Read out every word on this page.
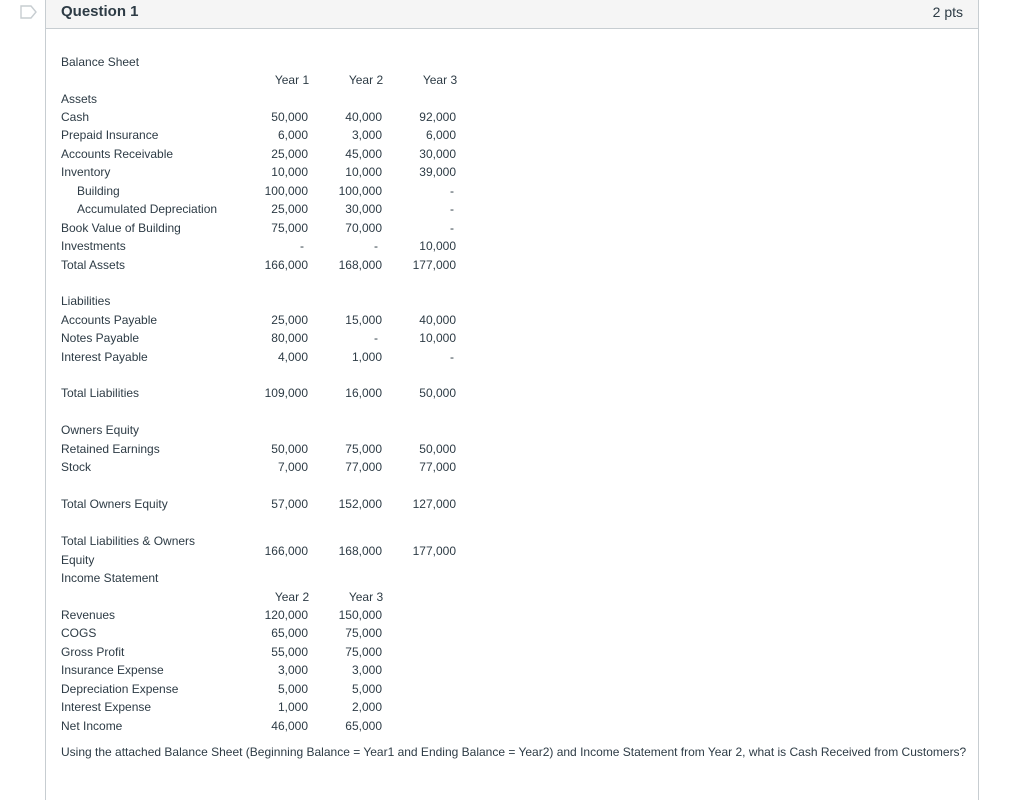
Question 1	2 pts
Balance Sheet
Year 1	Year 2	Year 3
Assets
Cash	50,000	40,000	92,000
Prepaid Insurance	6,000	3,000	6,000
Accounts Receivable	25,000	45,000	30,000
Inventory	10,000	10,000	39,000
Building	100,000	100,000	-
Accumulated Depreciation	25,000	30,000	-
Book Value of Building	75,000	70,000	-
Investments	-	-	10,000
Total Assets	166,000	168,000	177,000
Liabilities
Accounts Payable	25,000	15,000	40,000
Notes Payable	80,000	-	10,000
Interest Payable	4,000	1,000	-
Total Liabilities	109,000	16,000	50,000
Owners Equity
Retained Earnings	50,000	75,000	50,000
Stock	7,000	77,000	77,000
Total Owners Equity	57,000	152,000	127,000
Total Liabilities & Owners
Equity
166,000	168,000	177,000
Income Statement
Year 2	Year 3
Revenues	120,000	150,000
COGS	65,000	75,000
Gross Profit	55,000	75,000
Insurance Expense	3,000	3,000
Depreciation Expense	5,000	5,000
Interest Expense	1,000	2,000
Net Income	46,000	65,000
Using the attached Balance Sheet (Beginning Balance = Year1 and Ending Balance = Year2) and Income Statement from Year 2, what is Cash Received from Customers?
